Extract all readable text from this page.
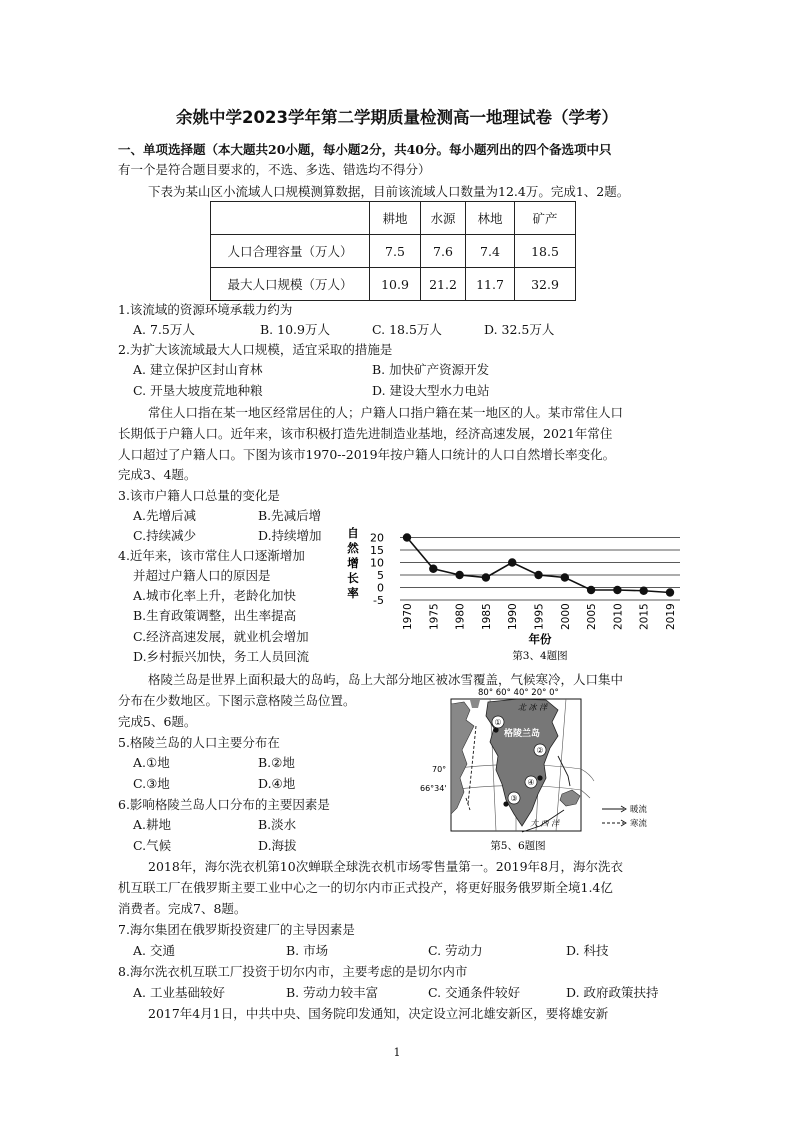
余姚中学2023学年第二学期质量检测高一地理试卷（学考）
一、单项选择题（本大题共20小题，每小题2分，共40分。每小题列出的四个备选项中只
有一个是符合题目要求的，不选、多选、错选均不得分）
下表为某山区小流域人口规模测算数据，目前该流域人口数量为12.4万。完成1、2题。
	耕地	水源	林地	矿产
人口合理容量（万人）	7.5	7.6	7.4	18.5
最大人口规模（万人）	10.9	21.2	11.7	32.9
1.该流域的资源环境承载力约为
A. 7.5万人	B. 10.9万人	C. 18.5万人	D. 32.5万人
2.为扩大该流域最大人口规模，适宜采取的措施是
A. 建立保护区封山育林	B. 加快矿产资源开发
C. 开垦大坡度荒地种粮	D. 建设大型水力电站
常住人口指在某一地区经常居住的人；户籍人口指户籍在某一地区的人。某市常住人口
长期低于户籍人口。近年来，该市积极打造先进制造业基地，经济高速发展，2021年常住
人口超过了户籍人口。下图为该市1970--2019年按户籍人口统计的人口自然增长率变化。
完成3、4题。
3.该市户籍人口总量的变化是
A.先增后减	B.先减后增
C.持续减少	D.持续增加
4.近年来，该市常住人口逐渐增加
并超过户籍人口的原因是
A.城市化率上升，老龄化加快
B.生育政策调整，出生率提高
C.经济高速发展，就业机会增加
D.乡村振兴加快，务工人员回流
自
然
增
长
率
20
15
10
5
0
-5
1970 1975 1980 1985 1990 1995 2000 2005 2010 2015 2019
年份
第3、4题图
格陵兰岛是世界上面积最大的岛屿，岛上大部分地区被冰雪覆盖，气候寒冷，人口集中
分布在少数地区。下图示意格陵兰岛位置。
完成5、6题。
5.格陵兰岛的人口主要分布在
A.①地	B.②地
C.③地	D.④地
6.影响格陵兰岛人口分布的主要因素是
A.耕地	B.淡水
C.气候	D.海拔
80° 60° 40° 20° 0°
①
②
③
④
格陵兰岛
北 冰 洋
大 西 洋
70°
66°34'
暖流
寒流
第5、6题图
2018年，海尔洗衣机第10次蝉联全球洗衣机市场零售量第一。2019年8月，海尔洗衣
机互联工厂在俄罗斯主要工业中心之一的切尔内市正式投产，将更好服务俄罗斯全境1.4亿
消费者。完成7、8题。
7.海尔集团在俄罗斯投资建厂的主导因素是
A. 交通	B. 市场	C. 劳动力	D. 科技
8.海尔洗衣机互联工厂投资于切尔内市，主要考虑的是切尔内市
A. 工业基础较好	B. 劳动力较丰富	C. 交通条件较好	D. 政府政策扶持
2017年4月1日，中共中央、国务院印发通知，决定设立河北雄安新区，要将雄安新
1
